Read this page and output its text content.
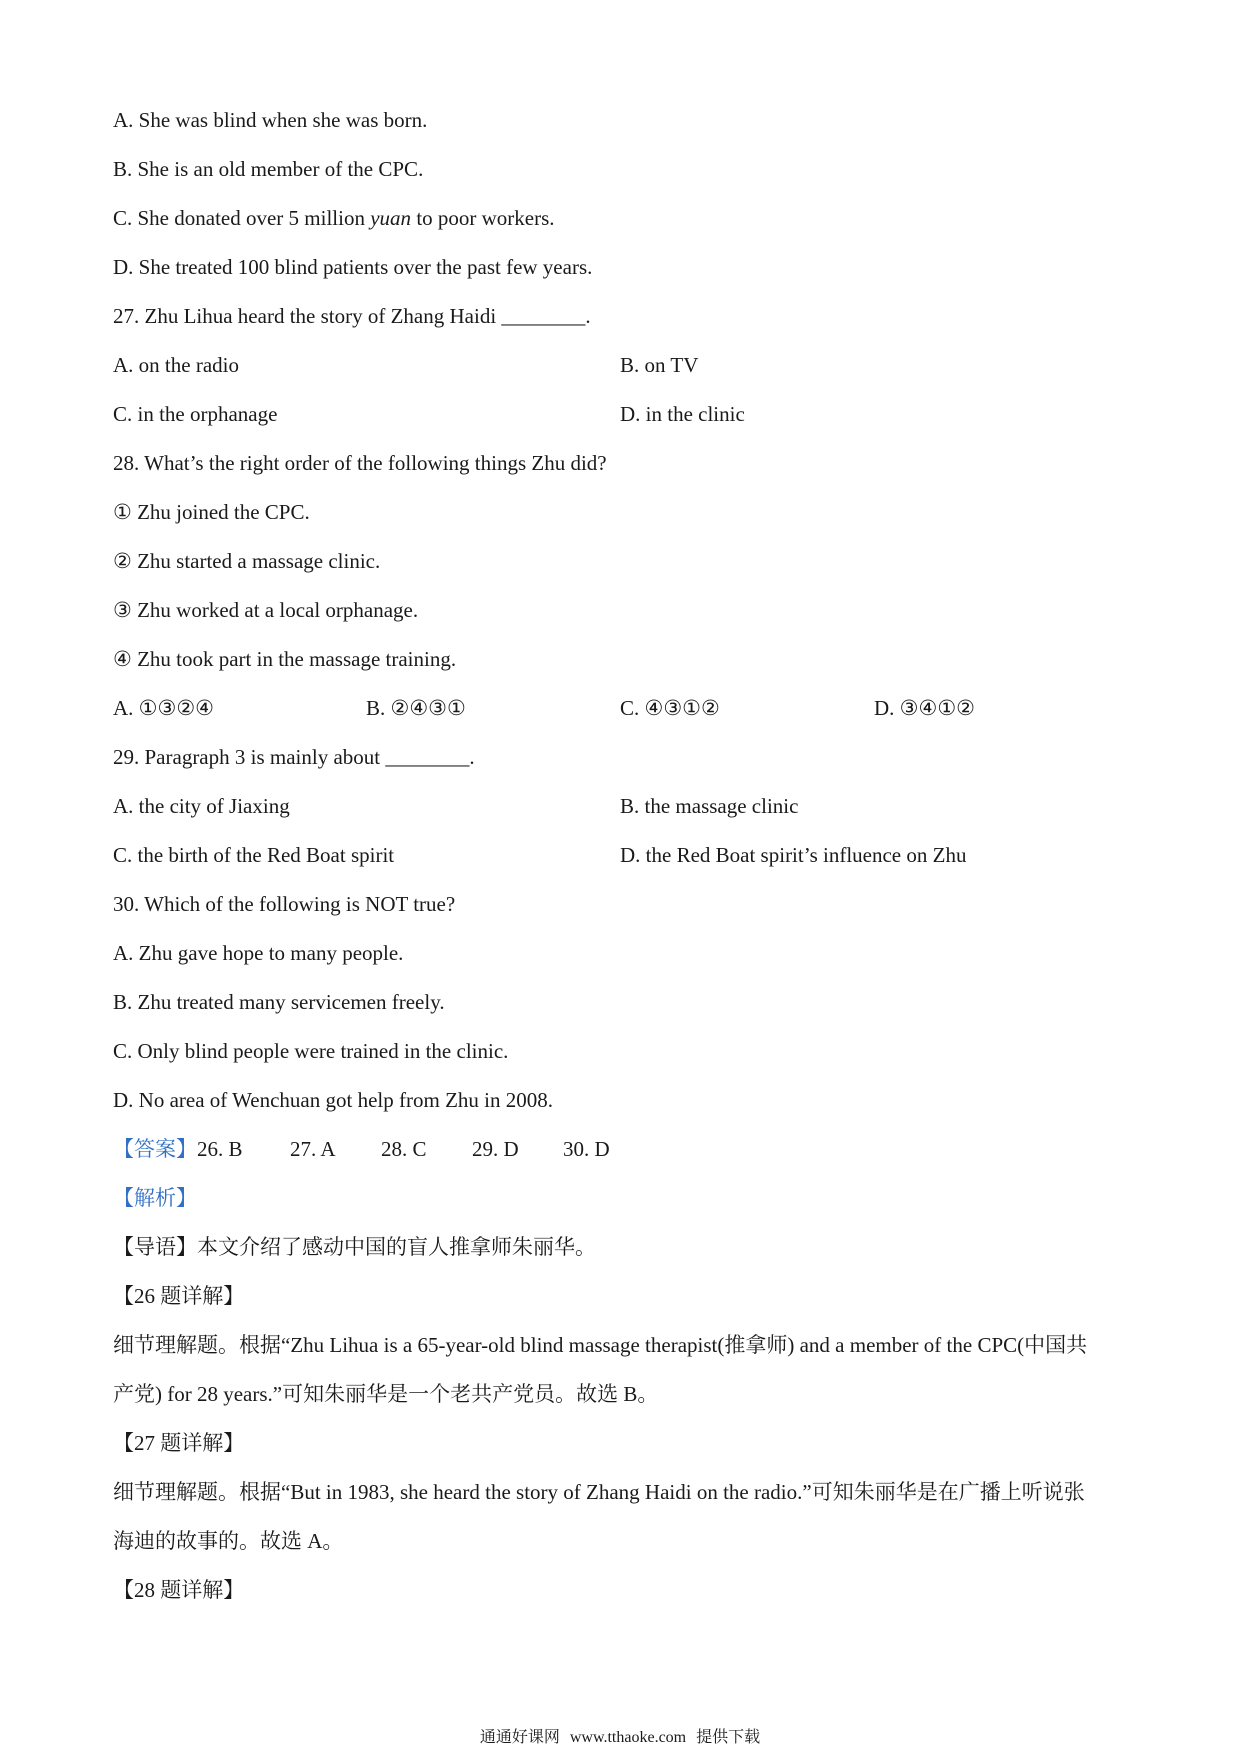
A. She was blind when she was born.
B. She is an old member of the CPC.
C. She donated over 5 million yuan to poor workers.
D. She treated 100 blind patients over the past few years.
27. Zhu Lihua heard the story of Zhang Haidi ________.
A. on the radio	B. on TV
C. in the orphanage	D. in the clinic
28. What’s the right order of the following things Zhu did?
① Zhu joined the CPC.
② Zhu started a massage clinic.
③ Zhu worked at a local orphanage.
④ Zhu took part in the massage training.
A. ①③②④	B. ②④③①	C. ④③①②	D. ③④①②
29. Paragraph 3 is mainly about ________.
A. the city of Jiaxing	B. the massage clinic
C. the birth of the Red Boat spirit	D. the Red Boat spirit’s influence on Zhu
30. Which of the following is NOT true?
A. Zhu gave hope to many people.
B. Zhu treated many servicemen freely.
C. Only blind people were trained in the clinic.
D. No area of Wenchuan got help from Zhu in 2008.
【答案】26. B 27. A 28. C 29. D 30. D
【解析】
【导语】本文介绍了感动中国的盲人推拿师朱丽华。
【26 题详解】
细节理解题。根据“Zhu Lihua is a 65-year-old blind massage therapist(推拿师) and a member of the CPC(中国共
产党) for 28 years.”可知朱丽华是一个老共产党员。故选 B。
【27 题详解】
细节理解题。根据“But in 1983, she heard the story of Zhang Haidi on the radio.”可知朱丽华是在广播上听说张
海迪的故事的。故选 A。
【28 题详解】
通通好课网 www.tthaoke.com 提供下载
